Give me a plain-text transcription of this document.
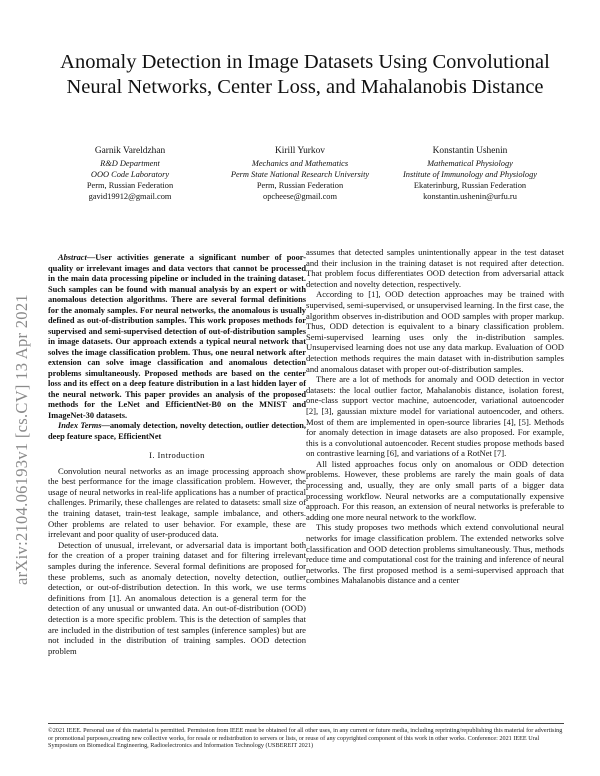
arXiv:2104.06193v1 [cs.CV] 13 Apr 2021
Anomaly Detection in Image Datasets Using Convolutional Neural Networks, Center Loss, and Mahalanobis Distance
Garnik Vareldzhan
R&D Department
OOO Code Laboratory
Perm, Russian Federation
gavid19912@gmail.com
Kirill Yurkov
Mechanics and Mathematics
Perm State National Research University
Perm, Russian Federation
opcheese@gmail.com
Konstantin Ushenin
Mathematical Physiology
Institute of Immunology and Physiology
Ekaterinburg, Russian Federation
konstantin.ushenin@urfu.ru

Abstract—User activities generate a significant number of poor-quality or irrelevant images and data vectors that cannot be processed in the main data processing pipeline or included in the training dataset. Such samples can be found with manual analysis by an expert or with anomalous detection algorithms. There are several formal definitions for the anomaly samples. For neural networks, the anomalous is usually defined as out-of-distribution samples. This work proposes methods for supervised and semi-supervised detection of out-of-distribution samples in image datasets. Our approach extends a typical neural network that solves the image classification problem. Thus, one neural network after extension can solve image classification and anomalous detection problems simultaneously. Proposed methods are based on the center loss and its effect on a deep feature distribution in a last hidden layer of the neural network. This paper provides an analysis of the proposed methods for the LeNet and EfficientNet-B0 on the MNIST and ImageNet-30 datasets.

Index Terms—anomaly detection, novelty detection, outlier detection, deep feature space, EfficientNet

I. Introduction

Convolution neural networks as an image processing approach show the best performance for the image classification problem. However, the usage of neural networks in real-life applications has a number of practical challenges. Primarily, these challenges are related to datasets: small size of the training dataset, train-test leakage, sample imbalance, and others. Other problems are related to user behavior. For example, these are irrelevant and poor quality of user-produced data.

Detection of unusual, irrelevant, or adversarial data is important both for the creation of a proper training dataset and for filtering irrelevant samples during the inference. Several formal definitions are proposed for these problems, such as anomaly detection, novelty detection, outlier detection, or out-of-distribution detection. In this work, we use terms definitions from [1]. An anomalous detection is a general term for the detection of any unusual or unwanted data. An out-of-distribution (OOD) detection is a more specific problem. This is the detection of samples that are included in the distribution of test samples (inference samples) but are not included in the distribution of training samples. OOD detection problem

assumes that detected samples unintentionally appear in the test dataset and their inclusion in the training dataset is not required after detection. That problem focus differentiates OOD detection from adversarial attack detection and novelty detection, respectively.

According to [1], OOD detection approaches may be trained with supervised, semi-supervised, or unsupervised learning. In the first case, the algorithm observes in-distribution and OOD samples with proper markup. Thus, ODD detection is equivalent to a binary classification problem. Semi-supervised learning uses only the in-distribution samples. Unsupervised learning does not use any data markup. Evaluation of OOD detection methods requires the main dataset with in-distribution samples and anomalous dataset with proper out-of-distribution samples.

There are a lot of methods for anomaly and OOD detection in vector datasets: the local outlier factor, Mahalanobis distance, isolation forest, one-class support vector machine, autoencoder, variational autoencoder [2], [3], gaussian mixture model for variational autoencoder, and others. Most of them are implemented in open-source libraries [4], [5]. Methods for anomaly detection in image datasets are also proposed. For example, this is a convolutional autoencoder. Recent studies propose methods based on contrastive learning [6], and variations of a RotNet [7].

All listed approaches focus only on anomalous or ODD detection problems. However, these problems are rarely the main goals of data processing and, usually, they are only small parts of a bigger data processing workflow. Neural networks are a computationally expensive approach. For this reason, an extension of neural networks is preferable to adding one more neural network to the workflow.

This study proposes two methods which extend convolutional neural networks for image classification problem. The extended networks solve classification and OOD detection problems simultaneously. Thus, methods reduce time and computational cost for the training and inference of neural networks. The first proposed method is a semi-supervised approach that combines Mahalanobis distance and a center

©2021 IEEE. Personal use of this material is permitted. Permission from IEEE must be obtained for all other uses, in any current or future media, including reprinting/republishing this material for advertising or promotional purposes,creating new collective works, for resale or redistribution to servers or lists, or reuse of any copyrighted component of this work in other works. Conference: 2021 IEEE Ural Symposium on Biomedical Engineering, Radioelectronics and Information Technology (USBEREIT 2021)
